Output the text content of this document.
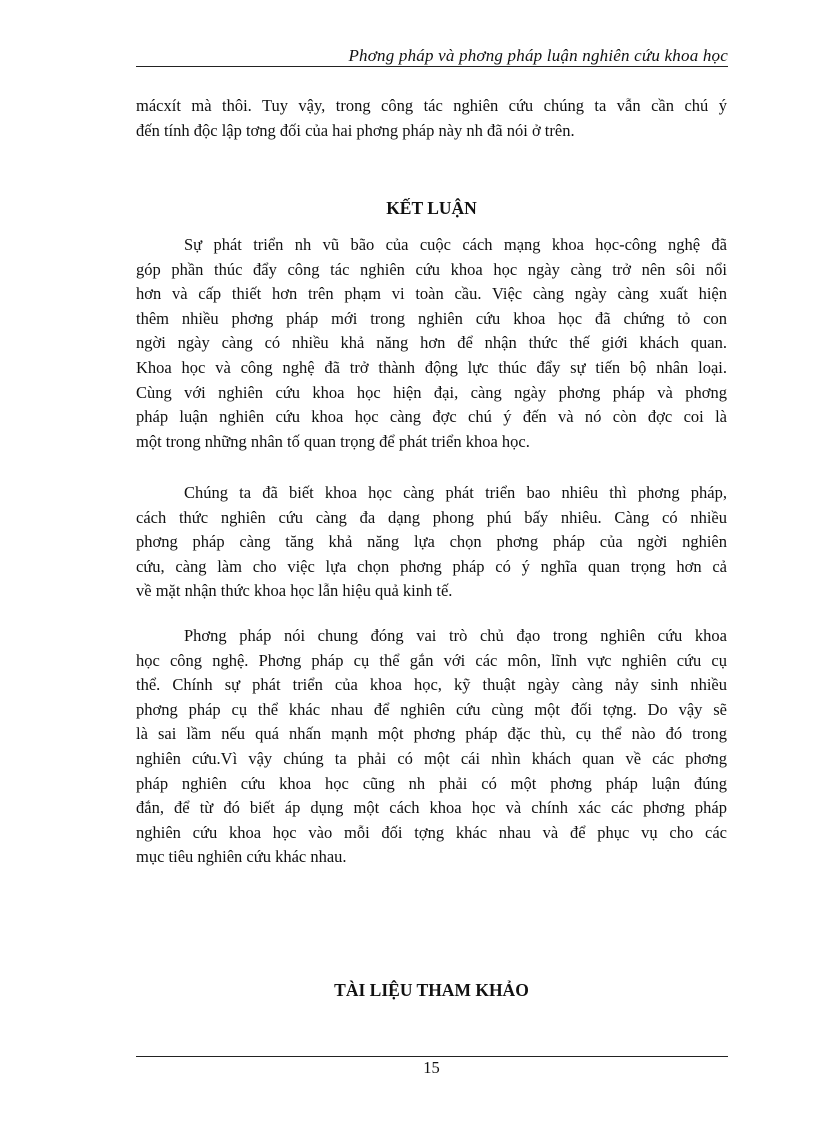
Phơng pháp và phơng pháp luận nghiên cứu khoa học
mácxít mà thôi. Tuy vậy, trong công tác nghiên cứu chúng ta vẫn cần chú ý
đến tính độc lập tơng đối của hai phơng pháp này nh đã nói ở trên.
KẾT LUẬN
Sự phát triển nh vũ bão của cuộc cách mạng khoa học-công nghệ đã
góp phần thúc đẩy công tác nghiên cứu khoa học ngày càng trở nên sôi nổi
hơn và cấp thiết hơn trên phạm vi toàn cầu. Việc càng ngày càng xuất hiện
thêm nhiều phơng pháp mới trong nghiên cứu khoa học đã chứng tỏ con
ngời ngày càng có nhiều khả năng hơn để nhận thức thế giới khách quan.
Khoa học và công nghệ đã trở thành động lực thúc đẩy sự tiến bộ nhân loại.
Cùng với nghiên cứu khoa học hiện đại, càng ngày phơng pháp và phơng
pháp luận nghiên cứu khoa học càng đợc chú ý đến và nó còn đợc coi là
một trong những nhân tố quan trọng để phát triển khoa học.
Chúng ta đã biết khoa học càng phát triển bao nhiêu thì phơng pháp,
cách thức nghiên cứu càng đa dạng phong phú bấy nhiêu. Càng có nhiều
phơng pháp càng tăng khả năng lựa chọn phơng pháp của ngời nghiên
cứu, càng làm cho việc lựa chọn phơng pháp có ý nghĩa quan trọng hơn cả
về mặt nhận thức khoa học lẫn hiệu quả kinh tế.
Phơng pháp nói chung đóng vai trò chủ đạo trong nghiên cứu khoa
học công nghệ. Phơng pháp cụ thể gắn với các môn, lĩnh vực nghiên cứu cụ
thể. Chính sự phát triển của khoa học, kỹ thuật ngày càng nảy sinh nhiều
phơng pháp cụ thể khác nhau để nghiên cứu cùng một đối tợng. Do vậy sẽ
là sai lầm nếu quá nhấn mạnh một phơng pháp đặc thù, cụ thể nào đó trong
nghiên cứu.Vì vậy chúng ta phải có một cái nhìn khách quan về các phơng
pháp nghiên cứu khoa học cũng nh phải có một phơng pháp luận đúng
đắn, để từ đó biết áp dụng một cách khoa học và chính xác các phơng pháp
nghiên cứu khoa học vào mỗi đối tợng khác nhau và để phục vụ cho các
mục tiêu nghiên cứu khác nhau.
TÀI LIỆU THAM KHẢO
15
